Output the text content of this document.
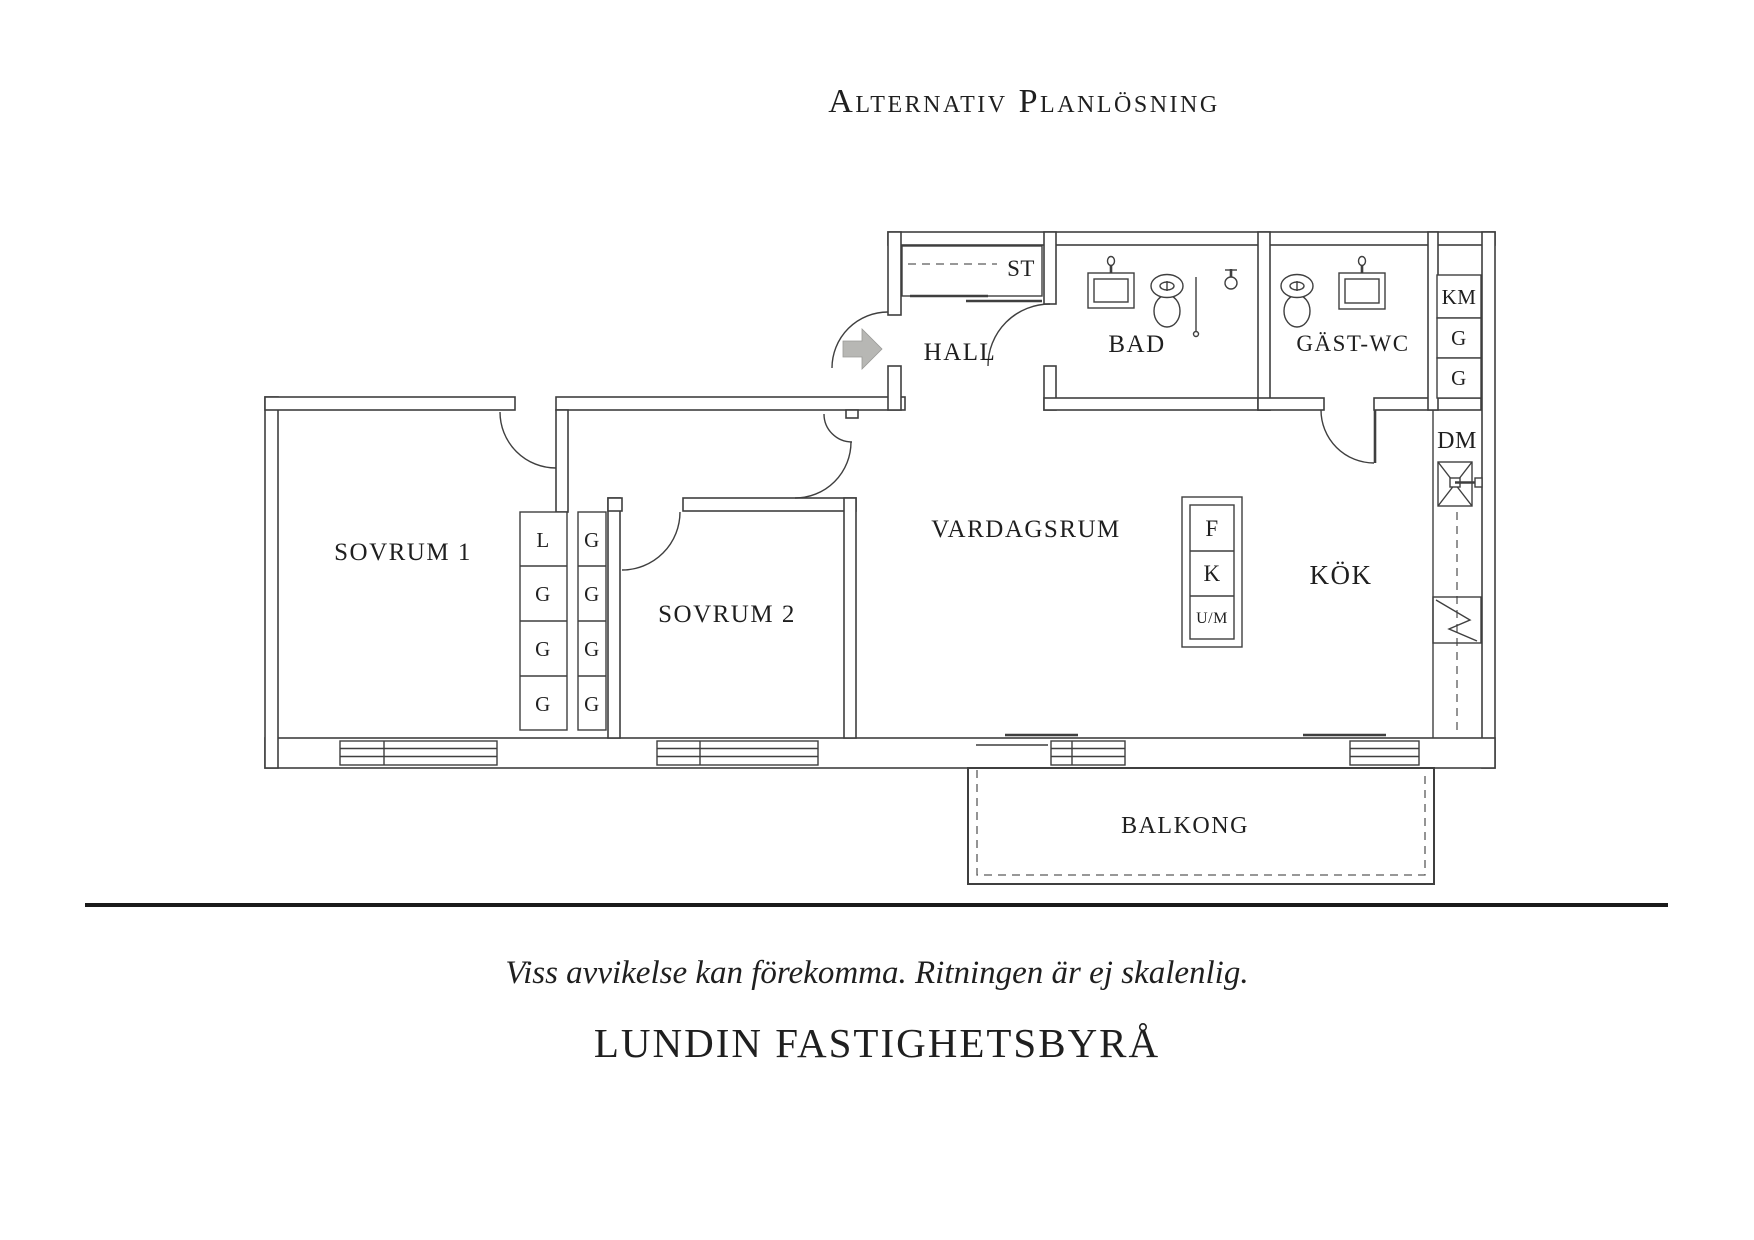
Alternativ Planlösning
ST
KM
G
G
DM
L
G
G
G
G
G
G
G
F
K
U/M
BALKONG
SOVRUM 1
SOVRUM 2
VARDAGSRUM
HALL	BAD	GÄST-WC
KÖK
Viss avvikelse kan förekomma. Ritningen är ej skalenlig.
LUNDIN FASTIGHETSBYRÅ
